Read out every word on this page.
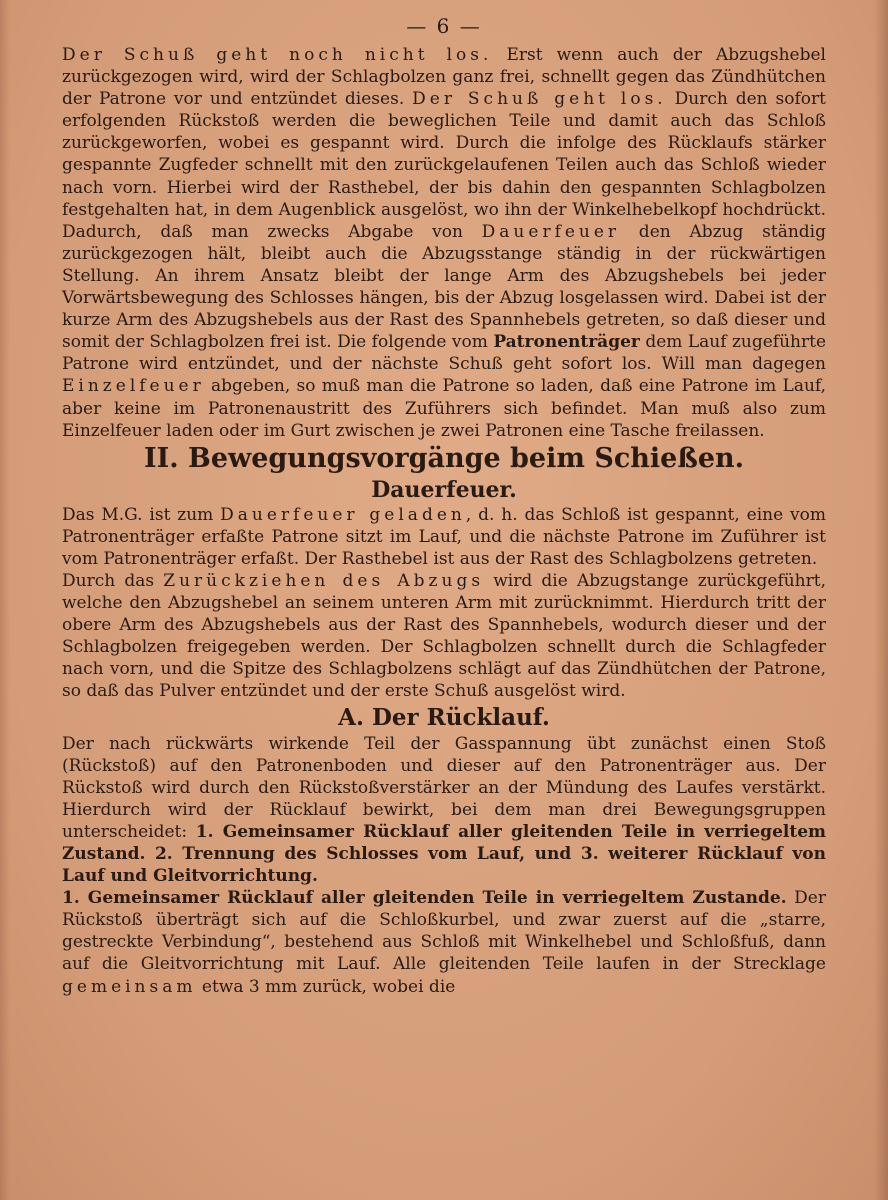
— 6 —

Der Schuß geht noch nicht los. Erst wenn auch der Abzugshebel zurückgezogen wird, wird der Schlagbolzen ganz frei, schnellt gegen das Zündhütchen der Patrone vor und entzündet dieses. Der Schuß geht los. Durch den sofort erfolgenden Rückstoß werden die beweglichen Teile und damit auch das Schloß zurückgeworfen, wobei es gespannt wird. Durch die infolge des Rücklaufs stärker gespannte Zugfeder schnellt mit den zurückgelaufenen Teilen auch das Schloß wieder nach vorn. Hierbei wird der Rasthebel, der bis dahin den gespannten Schlagbolzen festgehalten hat, in dem Augenblick ausgelöst, wo ihn der Winkelhebelkopf hochdrückt. Dadurch, daß man zwecks Abgabe von Dauerfeuer den Abzug ständig zurückgezogen hält, bleibt auch die Abzugsstange ständig in der rückwärtigen Stellung. An ihrem Ansatz bleibt der lange Arm des Abzugshebels bei jeder Vorwärtsbewegung des Schlosses hängen, bis der Abzug losgelassen wird. Dabei ist der kurze Arm des Abzugshebels aus der Rast des Spannhebels getreten, so daß dieser und somit der Schlagbolzen frei ist. Die folgende vom Patronenträger dem Lauf zugeführte Patrone wird entzündet, und der nächste Schuß geht sofort los. Will man dagegen Einzelfeuer abgeben, so muß man die Patrone so laden, daß eine Patrone im Lauf, aber keine im Patronenaustritt des Zuführers sich befindet. Man muß also zum Einzelfeuer laden oder im Gurt zwischen je zwei Patronen eine Tasche freilassen.

II. Bewegungsvorgänge beim Schießen.

Dauerfeuer.

Das M.G. ist zum Dauerfeuer geladen, d. h. das Schloß ist gespannt, eine vom Patronenträger erfaßte Patrone sitzt im Lauf, und die nächste Patrone im Zuführer ist vom Patronenträger erfaßt. Der Rasthebel ist aus der Rast des Schlagbolzens getreten.

Durch das Zurückziehen des Abzugs wird die Abzugstange zurückgeführt, welche den Abzugshebel an seinem unteren Arm mit zurücknimmt. Hierdurch tritt der obere Arm des Abzugshebels aus der Rast des Spannhebels, wodurch dieser und der Schlagbolzen freigegeben werden. Der Schlagbolzen schnellt durch die Schlagfeder nach vorn, und die Spitze des Schlagbolzens schlägt auf das Zündhütchen der Patrone, so daß das Pulver entzündet und der erste Schuß ausgelöst wird.

A. Der Rücklauf.

Der nach rückwärts wirkende Teil der Gasspannung übt zunächst einen Stoß (Rückstoß) auf den Patronenboden und dieser auf den Patronenträger aus. Der Rückstoß wird durch den Rückstoßverstärker an der Mündung des Laufes verstärkt. Hierdurch wird der Rücklauf bewirkt, bei dem man drei Bewegungsgruppen unterscheidet: 1. Gemeinsamer Rücklauf aller gleitenden Teile in verriegeltem Zustand. 2. Trennung des Schlosses vom Lauf, und 3. weiterer Rücklauf von Lauf und Gleitvorrichtung.

1. Gemeinsamer Rücklauf aller gleitenden Teile in verriegeltem Zustande. Der Rückstoß überträgt sich auf die Schloßkurbel, und zwar zuerst auf die „starre, gestreckte Verbindung“, bestehend aus Schloß mit Winkelhebel und Schloßfuß, dann auf die Gleitvorrichtung mit Lauf. Alle gleitenden Teile laufen in der Strecklage gemeinsam etwa 3 mm zurück, wobei die
